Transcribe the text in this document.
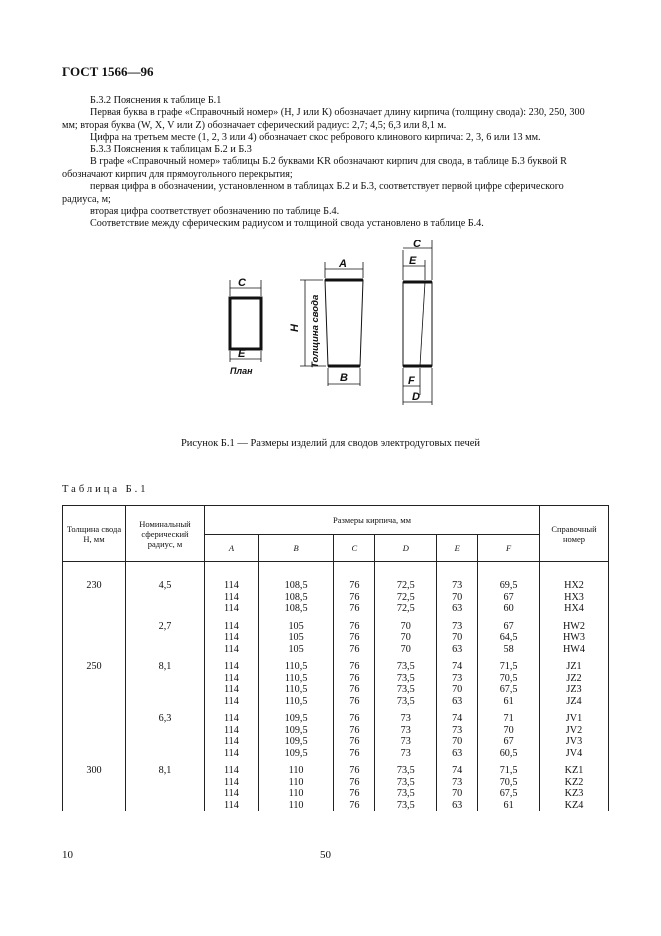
ГОСТ 1566—96
Б.3.2 Пояснения к таблице Б.1
Первая буква в графе «Справочный номер» (Н, J или К) обозначает длину кирпича (толщину свода): 230, 250, 300 мм; вторая буква (W, X, V или Z) обозначает сферический радиус: 2,7; 4,5; 6,3 или 8,1 м.
Цифра на третьем месте (1, 2, 3 или 4) обозначает скос ребрового клинового кирпича: 2, 3, 6 или 13 мм.
Б.3.3 Пояснения к таблицам Б.2 и Б.3
В графе «Справочный номер» таблицы Б.2 буквами KR обозначают кирпич для свода, в таблице Б.3 буквой R обозначают кирпич для прямоугольного перекрытия;
первая цифра в обозначении, установленном в таблицах Б.2 и Б.3, соответствует первой цифре сферического радиуса, м;
вторая цифра соответствует обозначению по таблице Б.4.
Соответствие между сферическим радиусом и толщиной свода установлено в таблице Б.4.
C
E
План
A
B
H Толщина свода
C
E
F
D
Рисунок Б.1 — Размеры изделий для сводов электродуговых печей
Таблица Б.1
Толщина свода H, мм	Номинальный сферический радиус, м	Размеры кирпича, мм						Справочный номер
		A	B	C	D	E	F	
230	4,5	114	108,5	76	72,5	73	69,5	HX2
		114	108,5	76	72,5	70	67	HX3
		114	108,5	76	72,5	63	60	HX4
	2,7	114	105	76	70	73	67	HW2
		114	105	76	70	70	64,5	HW3
		114	105	76	70	63	58	HW4
250	8,1	114	110,5	76	73,5	74	71,5	JZ1
		114	110,5	76	73,5	73	70,5	JZ2
		114	110,5	76	73,5	70	67,5	JZ3
		114	110,5	76	73,5	63	61	JZ4
	6,3	114	109,5	76	73	74	71	JV1
		114	109,5	76	73	73	70	JV2
		114	109,5	76	73	70	67	JV3
		114	109,5	76	73	63	60,5	JV4
300	8,1	114	110	76	73,5	74	71,5	KZ1
		114	110	76	73,5	73	70,5	KZ2
		114	110	76	73,5	70	67,5	KZ3
		114	110	76	73,5	63	61	KZ4
10	50
